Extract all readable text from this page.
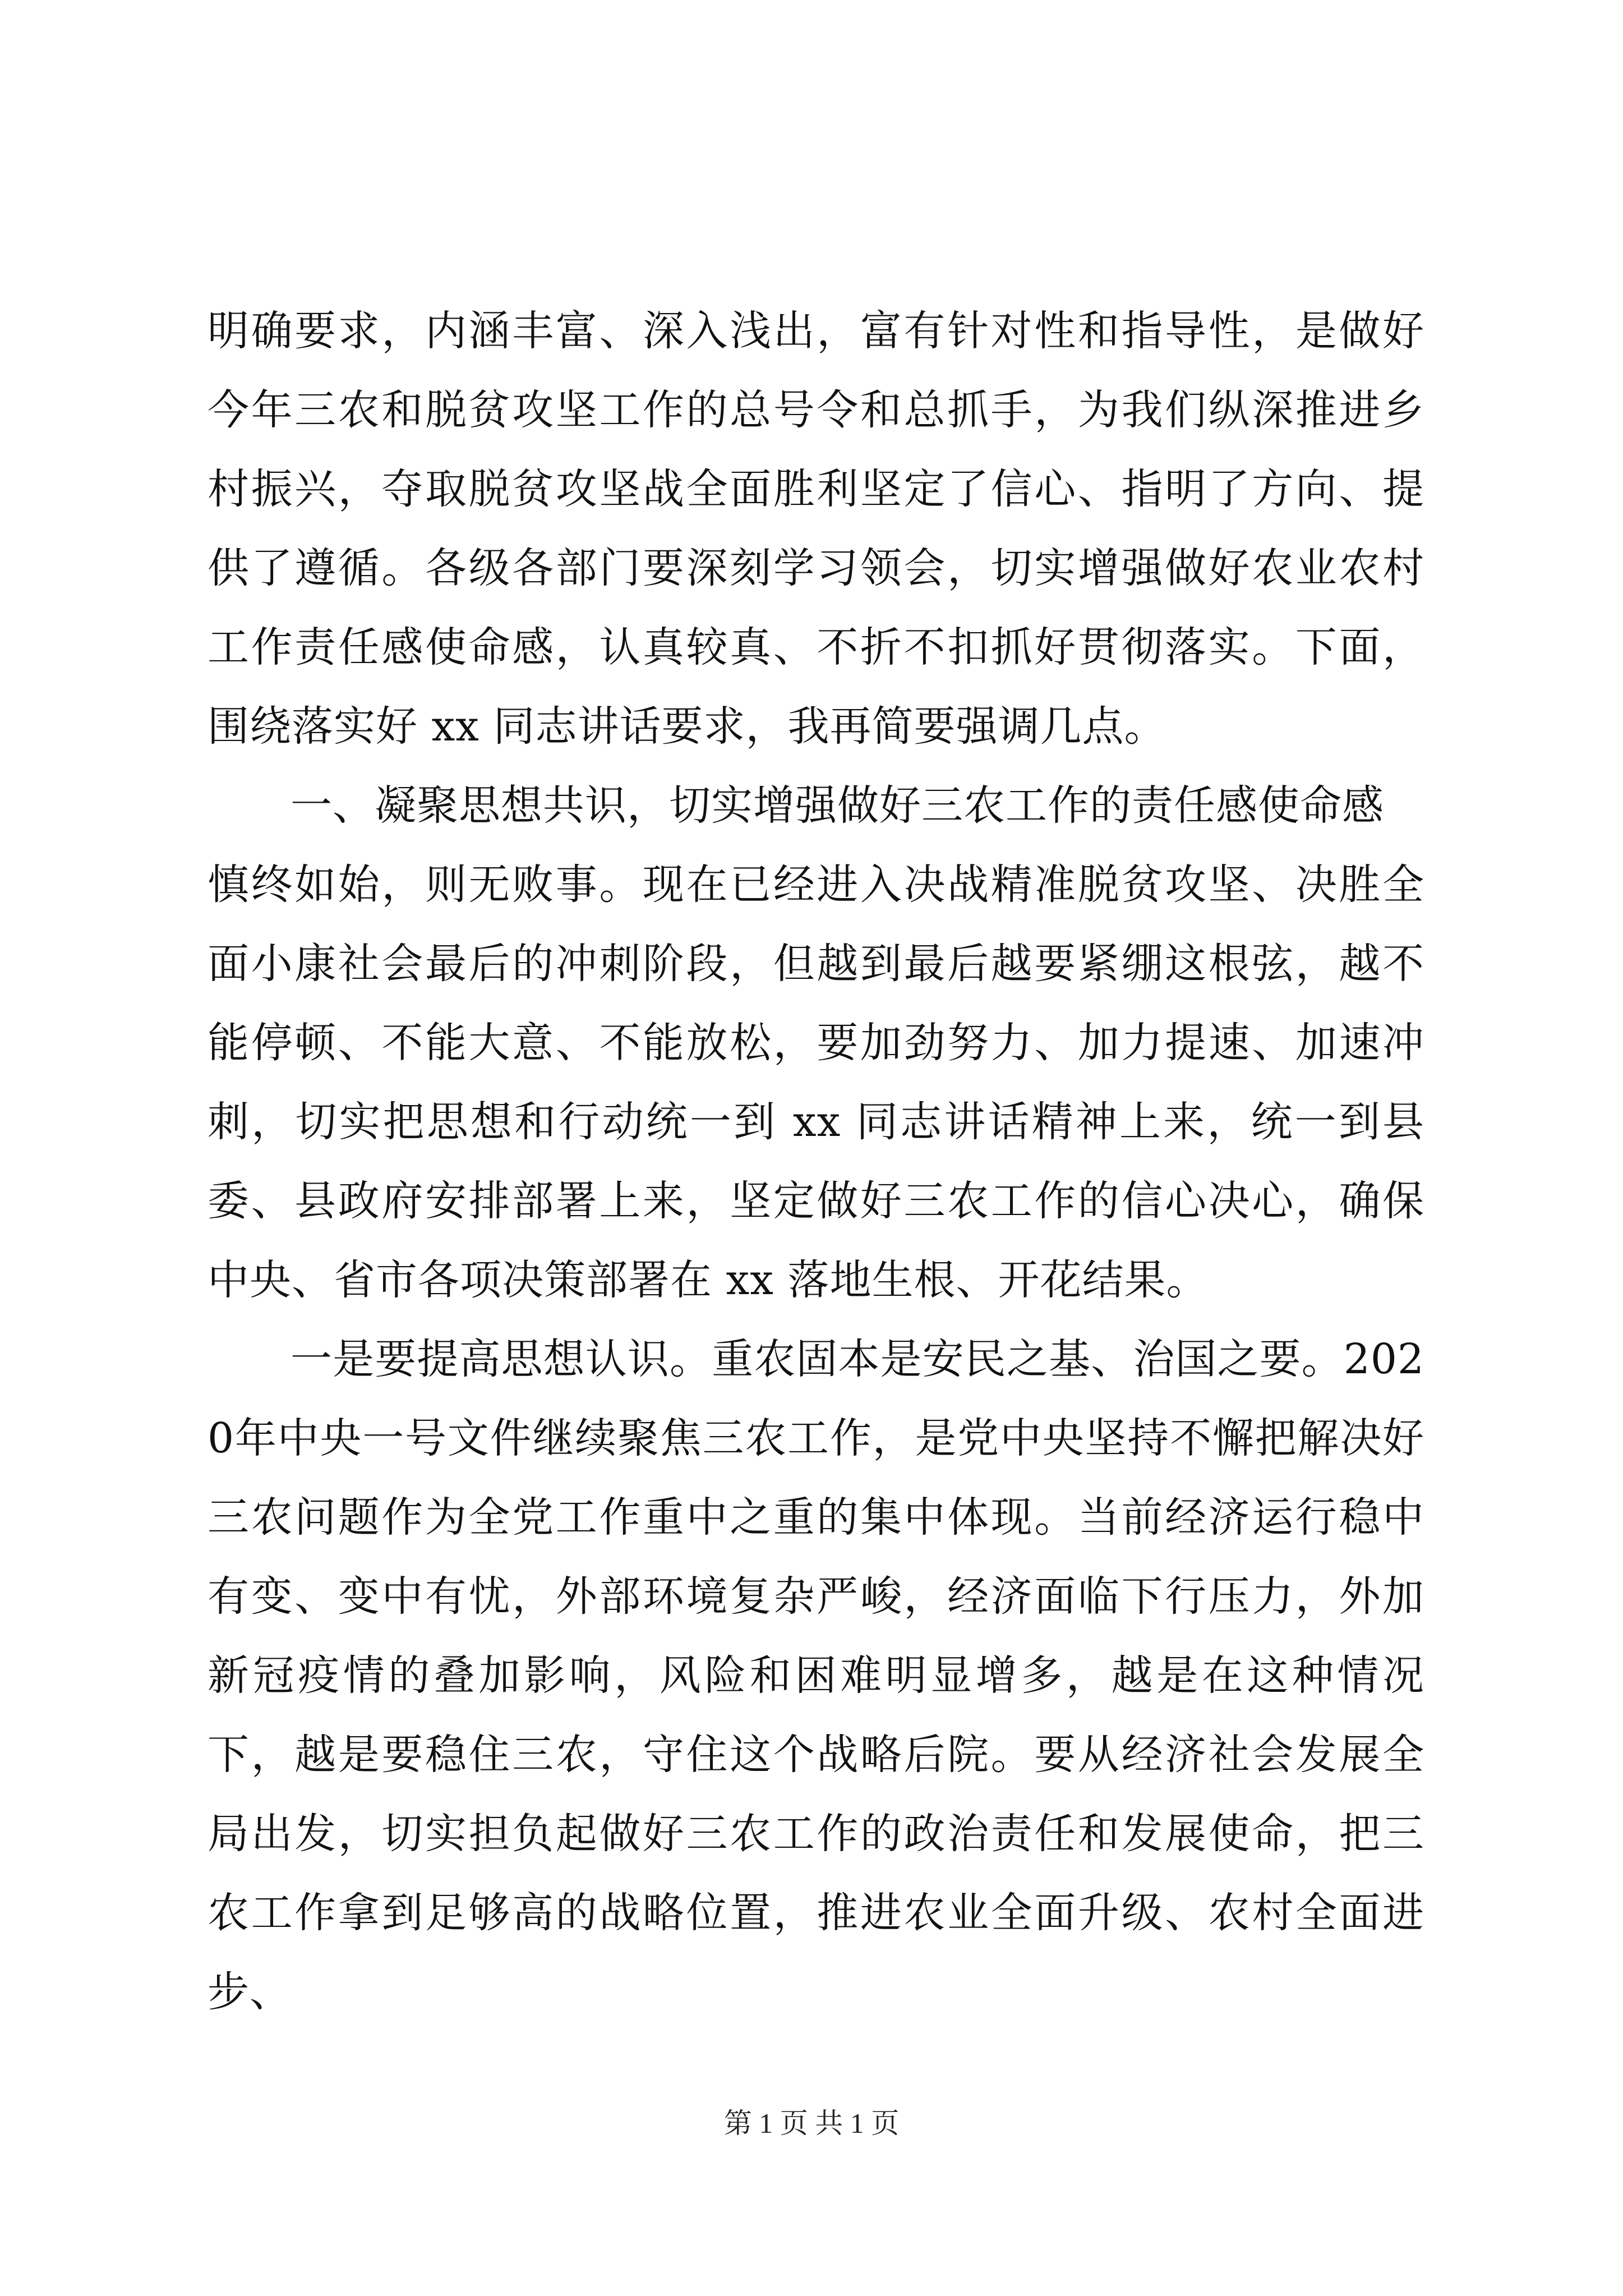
明确要求，内涵丰富、深入浅出，富有针对性和指导性，是做好今年三农和脱贫攻坚工作的总号令和总抓手，为我们纵深推进乡村振兴，夺取脱贫攻坚战全面胜利坚定了信心、指明了方向、提供了遵循。各级各部门要深刻学习领会，切实增强做好农业农村工作责任感使命感，认真较真、不折不扣抓好贯彻落实。下面，围绕落实好 xx 同志讲话要求，我再简要强调几点。

一、凝聚思想共识，切实增强做好三农工作的责任感使命感

慎终如始，则无败事。现在已经进入决战精准脱贫攻坚、决胜全面小康社会最后的冲刺阶段，但越到最后越要紧绷这根弦，越不能停顿、不能大意、不能放松，要加劲努力、加力提速、加速冲刺，切实把思想和行动统一到 xx 同志讲话精神上来，统一到县委、县政府安排部署上来，坚定做好三农工作的信心决心，确保中央、省市各项决策部署在 xx 落地生根、开花结果。

一是要提高思想认识。重农固本是安民之基、治国之要。2020年中央一号文件继续聚焦三农工作，是党中央坚持不懈把解决好三农问题作为全党工作重中之重的集中体现。当前经济运行稳中有变、变中有忧，外部环境复杂严峻，经济面临下行压力，外加新冠疫情的叠加影响，风险和困难明显增多，越是在这种情况下，越是要稳住三农，守住这个战略后院。要从经济社会发展全局出发，切实担负起做好三农工作的政治责任和发展使命，把三农工作拿到足够高的战略位置，推进农业全面升级、农村全面进步、

第 1 页 共 1 页
